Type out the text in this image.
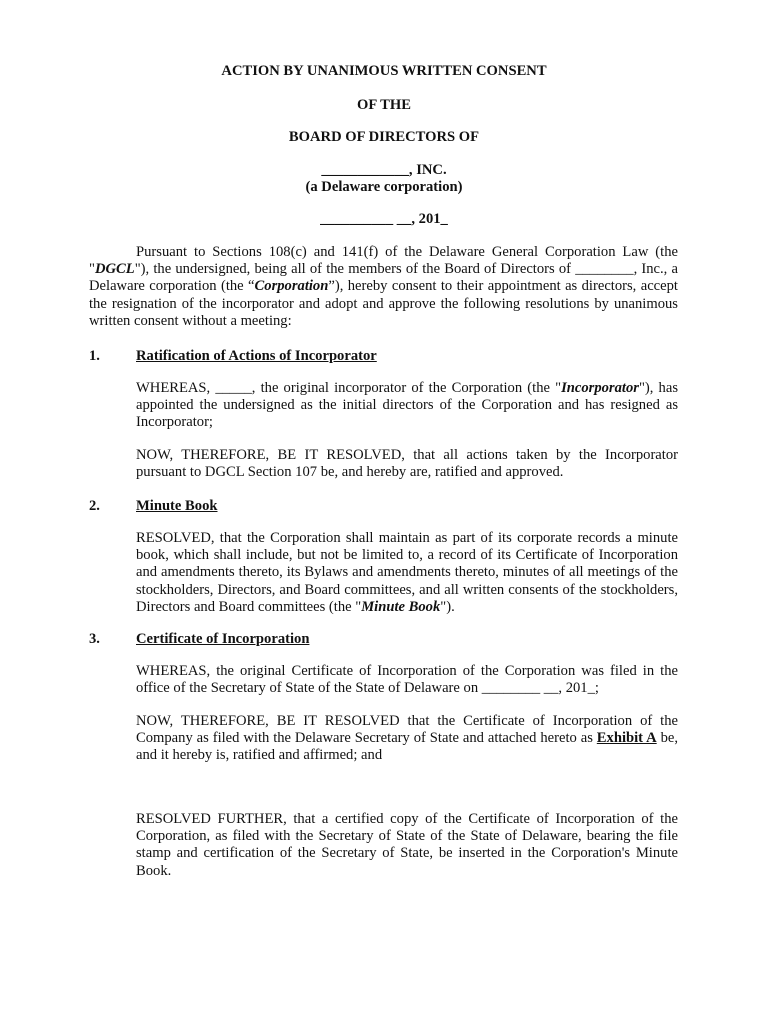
ACTION BY UNANIMOUS WRITTEN CONSENT
OF THE
BOARD OF DIRECTORS OF
____________, INC.
(a Delaware corporation)
__________ __, 201_
Pursuant to Sections 108(c) and 141(f) of the Delaware General Corporation Law (the "DGCL"), the undersigned, being all of the members of the Board of Directors of ________, Inc., a Delaware corporation (the “Corporation”), hereby consent to their appointment as directors, accept the resignation of the incorporator and adopt and approve the following resolutions by unanimous written consent without a meeting:
1. Ratification of Actions of Incorporator
WHEREAS, _____, the original incorporator of the Corporation (the "Incorporator"), has appointed the undersigned as the initial directors of the Corporation and has resigned as Incorporator;
NOW, THEREFORE, BE IT RESOLVED, that all actions taken by the Incorporator pursuant to DGCL Section 107 be, and hereby are, ratified and approved.
2. Minute Book
RESOLVED, that the Corporation shall maintain as part of its corporate records a minute book, which shall include, but not be limited to, a record of its Certificate of Incorporation and amendments thereto, its Bylaws and amendments thereto, minutes of all meetings of the stockholders, Directors, and Board committees, and all written consents of the stockholders, Directors and Board committees (the "Minute Book").
3. Certificate of Incorporation
WHEREAS, the original Certificate of Incorporation of the Corporation was filed in the office of the Secretary of State of the State of Delaware on ________ __, 201_;
NOW, THEREFORE, BE IT RESOLVED that the Certificate of Incorporation of the Company as filed with the Delaware Secretary of State and attached hereto as Exhibit A be, and it hereby is, ratified and affirmed; and
RESOLVED FURTHER, that a certified copy of the Certificate of Incorporation of the Corporation, as filed with the Secretary of State of the State of Delaware, bearing the file stamp and certification of the Secretary of State, be inserted in the Corporation's Minute Book.
